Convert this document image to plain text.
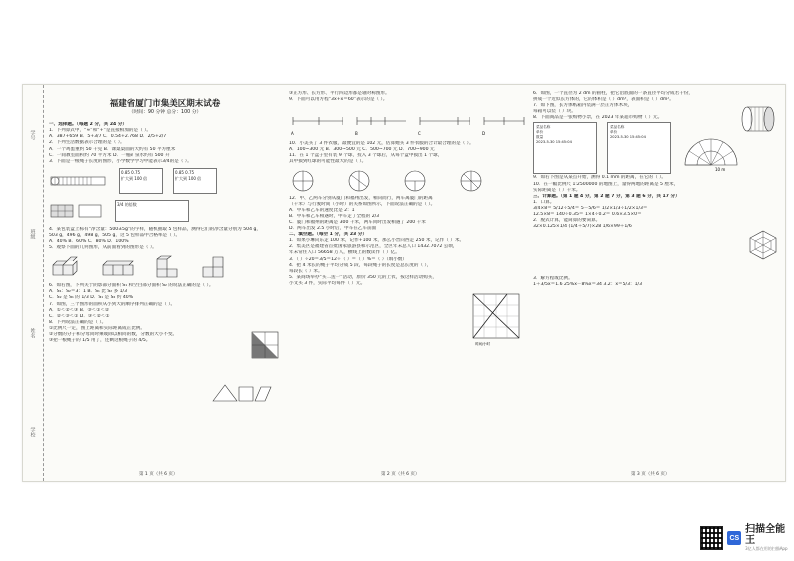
学号
班级
姓名
学校
福建省厦门市集美区期末试卷
（时间：90 分钟 总分：100 分）
一、选择题。（每题 2 分，共 24 分）
1．下列算式中，“≈”和“+”是直接相加的是（ ）。
A．387+659 B．5+3/7 C．0.54+2.768 D．2/5+2/7
2．下列生活数据表示合理的是（ ）。
A．一个鸡蛋重约 50 千克 B．课桌桌面的大约有 50 平方厘米
C．一间教室面积约 70 平方米 D．一瓶矿泉水约有 500 升
3．下面是一根绳子长度的图形，小学数学学习中能表示3/4的是（ ）。
0.85 0.75
扩大到 100 倍
0.85 0.75
扩大到 100 倍
3/4 的倍数
4．某包装盒上标有“净含量：500±5g”的字样，随机抽取 5 包样品，测得它们的净含量分别为 504 g，
503 g，496 g，498 g，505 g，这 5 包样品中合格率是（ ）。
A．40% B．60% C．80% D．100%
5．观察下面的几何图形，从前面看到的图形是（ ）。
6．如右图，下列关于阴影部分面积 S₁ 和空白部分面积 S₂ 的说法正确的是（ ）。
A．S₁：S₂＝3：1 B．S₁ 比 S₂ 多 1/3
C．S₂ 是 S₁ 的 1/3 D．S₁ 是 S₂ 约 40%
7．如图，三个图形的面积从小到大的顺序排列正确的是（ ）。
A．①＜②＜③ B．③＜①＜②
C．②＜③＜① D．③＜②＜①
8．下列说法正确的是（ ）。
①比例尺一定，图上距离和实际距离成正比例。
②分数的分子和分母同时乘或除以相同的数，分数的大小不变。
③把一根绳子的 1/5 用了，还剩这根绳子的 4/5。
第 1 页（共 6 页）
③正方形、长方形、平行四边形都是轴对称图形。
9．下面可以用方程“3x+x＝60”表示的是（ ）。
A	B	C	D
10．小美买了 3 件衣服，最便宜的是 102 元，估算她买 3 件衣服的合计最合理的是（ ）。
A．100~300 元 B．300~500 元 C．500~700 元 D．700~900 元
11．在 1 个盒子里有装 9 个球，投入 3 个球后，从每个盒中摸出 1 个球，
其中摸到红球的可能性最大的是（ ）。
12．甲、乙两车分别从厦门和福州出发，相向而行，两车离厦门的距离
（千米）与行驶时间（小时）的关系如图所示，下面说法正确的是（ ）。
A．甲车和乙车的速度比是 2：1
B．甲车和乙车相遇时，甲车走了全程的 2/3
C．厦门和福州的距离是 300 千米，两车同时出发相遇了 200 千米
D．两车出发 2.5 小时后，甲车在乙车前面
二、填空题。（每空 1 分，共 23 分）
1．如果小琳向东走 100 米，记作+100 米，那么小晋向西走 250 米，记作（ ）米。
2．集美区是福建省首批国家旅游县和示范区，全区年末总人口 1432.7072 公顷，
年末常住人口 56658 万人，横线上的数读作（ ）亿。
3．（ ）÷20＝3/5＝12÷（ ）＝（ ）%＝（ ）（填小数）
4．把 4 米长的绳子平均分成 5 段，每段绳子的长度是总长度的（ ），
每段长（ ）米。
5．某商场举办“买二送一”活动，原价 350 元的上衣，按这样活动购买，
小文买 3 件，实际平均每件（ ）元。
时间/小时
第 2 页（共 6 页）
6．如图，一个直径为 2 dm 的圆柱，把它沿底面的一条直径平均分成若干份，
拼成一个近似长方体的，它的体积是（ ）dm³，表面积是（ ）dm²。
7．如下图，长方体纸箱内装满一层正方体木块，
每箱可以装（ ）块。
8．下面商品是一张购物小票，在 2023 年某超市购物（ ）元。
菜品名称
单价
数量
2023-5-30 15:45:04
菜品名称
单价
2023-5-30 15:45:04
10 m
9．如右下图是从某点开始，测得 0.1 mm 的距离，在它的（ ）。
10．在一幅比例尺 1:2500000 的地图上，量得两地的距离是 5 厘米，
实际距离是（ ）千米。
三、计算题。（第 1 题 4 分，第 2 题 7 分，第 3 题 6 分，共 17 分）
1．口算。
3/4×8＝ 5/12÷5/4＝ 5－5/6＝ 1/2×1/3÷1/2×1/3＝
12.5×8＝ 140÷0.35＝ 1×4÷0.2＝ 0.6×3.5×0＝
2．脱式计算，能简算的要简算。
32×0.125×1/4 (1/4＋5/7)×28 1/6×99＋1/6
3．解方程或比例。
1＋3/5x＝1.6 25%x－8%x＝34 3.2：x＝5/3：1/3
第 3 页（共 6 页）
CS
扫描全能王
3亿人都在用的扫描App
